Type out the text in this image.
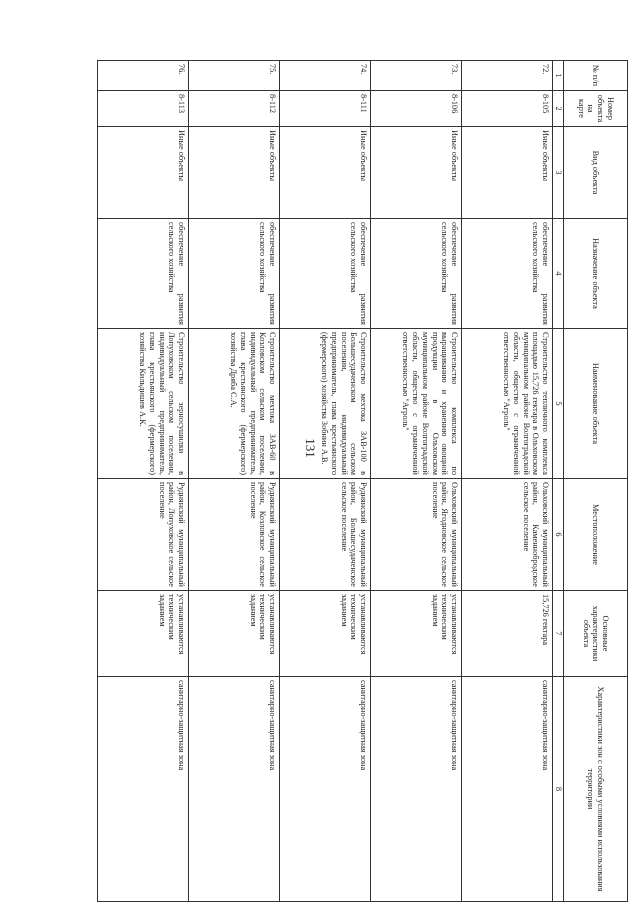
131
№ п/п	Номер объекта на карте	Вид объекта	Назначение объекта	Наименование объекта	Местоположение	Основные характеристики объекта	Характеристики зон с особыми условиями использования территории
1	2	3	4	5	6	7	8
72.	8-105	Иные объекты	обеспечение развития сельского хозяйства	Строительство тепличного комплекса площадью 15,726 гектара в Ольховском муниципальном районе Волгоградской области, общество с ограниченной ответственностью "Агроль"	Ольховский муниципальный район, Каменнобродское сельское поселение	15,726 гектара	санитарно-защитная зона
73.	8-106	Иные объекты	обеспечение развития сельского хозяйства	Строительство комплекса по выращиванию и хранению овощной продукции в Ольховском муниципальном районе Волгоградской области, общество с ограниченной ответственностью "Агроль"	Ольховский муниципальный район, Ягодновское сельское поселение	устанавливаются техническим заданием	санитарно-защитная зона
74.	8-111	Иные объекты	обеспечение развития сельского хозяйства	Строительство мехтока ЗАВ-100 в Большесудаченском сельском поселении, индивидуальный предприниматель, глава крестьянского (фермерского) хозяйства Зобнин А.В.	Руднянский муниципальный район, Большесудаченское сельское поселение	устанавливаются техническим заданием	санитарно-защитная зона
75.	8-112	Иные объекты	обеспечение развития сельского хозяйства	Строительство мехтока ЗАВ-60 в Козловском сельском поселении, индивидуальный предприниматель, глава крестьянского (фермерского) хозяйства Дряба С.А.	Руднянский муниципальный район, Козловское сельское поселение	устанавливаются техническим заданием	санитарно-защитная зона
76.	8-113	Иные объекты	обеспечение развития сельского хозяйства	Строительство зерносушилки в Лопуховском сельском поселении, индивидуальный предприниматель, глава крестьянского (фермерского) хозяйства Кильдишев А.К.	Руднянский муниципальный район, Лопуховское сельское поселение	устанавливаются техническим заданием	санитарно-защитная зона
